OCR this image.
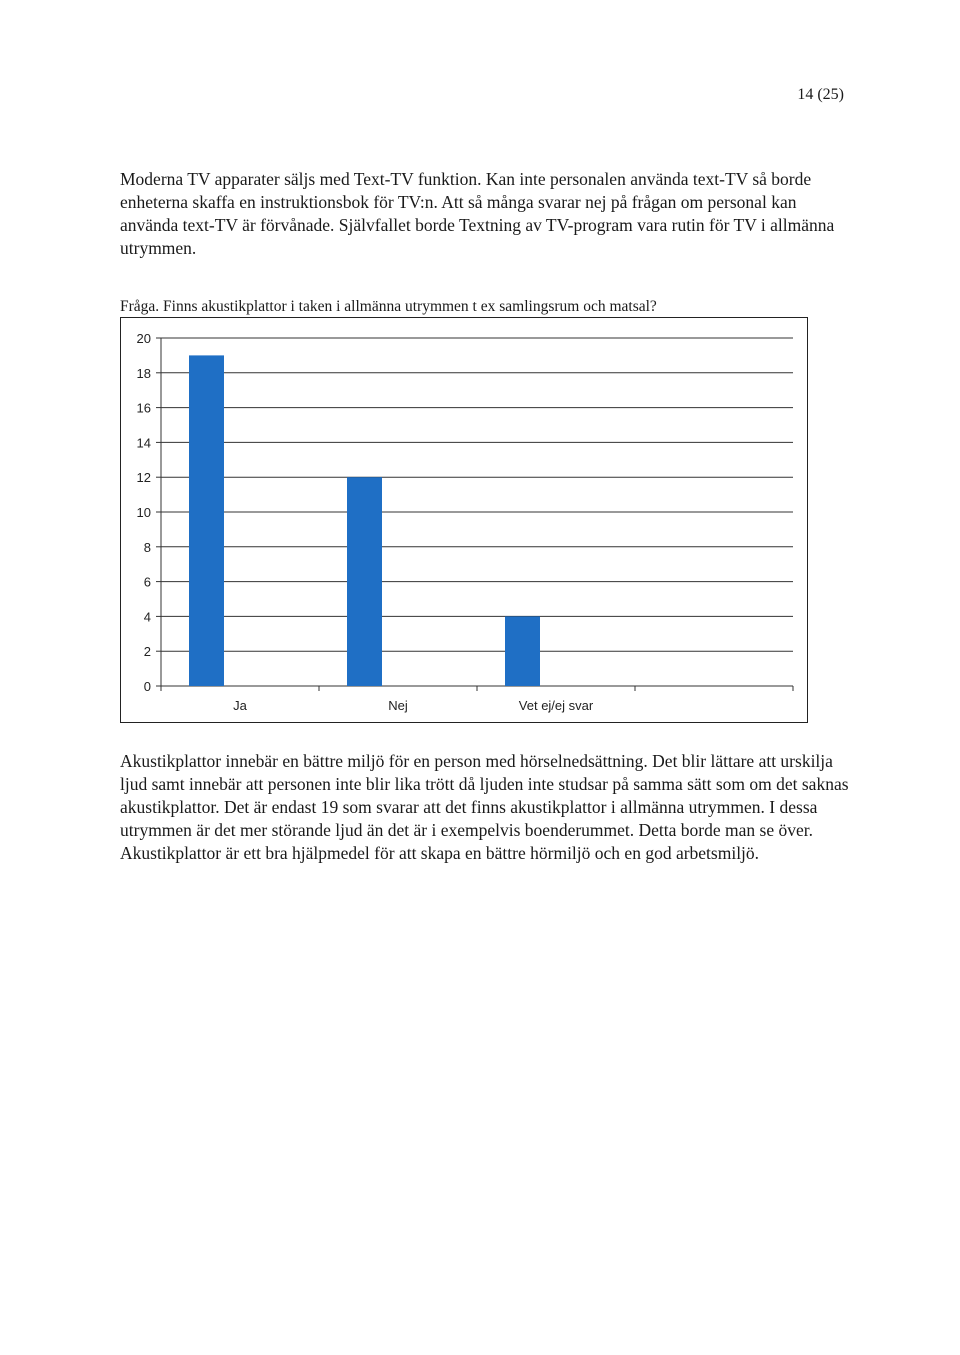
14 (25)

Moderna TV apparater säljs med Text-TV funktion. Kan inte personalen använda text-TV så borde enheterna skaffa en instruktionsbok för TV:n. Att så många svarar nej på frågan om personal kan använda text-TV är förvånade. Självfallet borde Textning av TV-program vara rutin för TV i allmänna utrymmen.

Fråga. Finns akustikplattor i taken i allmänna utrymmen t ex samlingsrum och matsal?

0
2
4
6
8
10
12
14
16
18
20
Ja	Nej	Vet ej/ej svar

Akustikplattor innebär en bättre miljö för en person med hörselnedsättning. Det blir lättare att urskilja ljud samt innebär att personen inte blir lika trött då ljuden inte studsar på samma sätt som om det saknas akustikplattor. Det är endast 19 som svarar att det finns akustikplattor i allmänna utrymmen. I dessa utrymmen är det mer störande ljud än det är i exempelvis boenderummet. Detta borde man se över. Akustikplattor är ett bra hjälpmedel för att skapa en bättre hörmiljö och en god arbetsmiljö.
